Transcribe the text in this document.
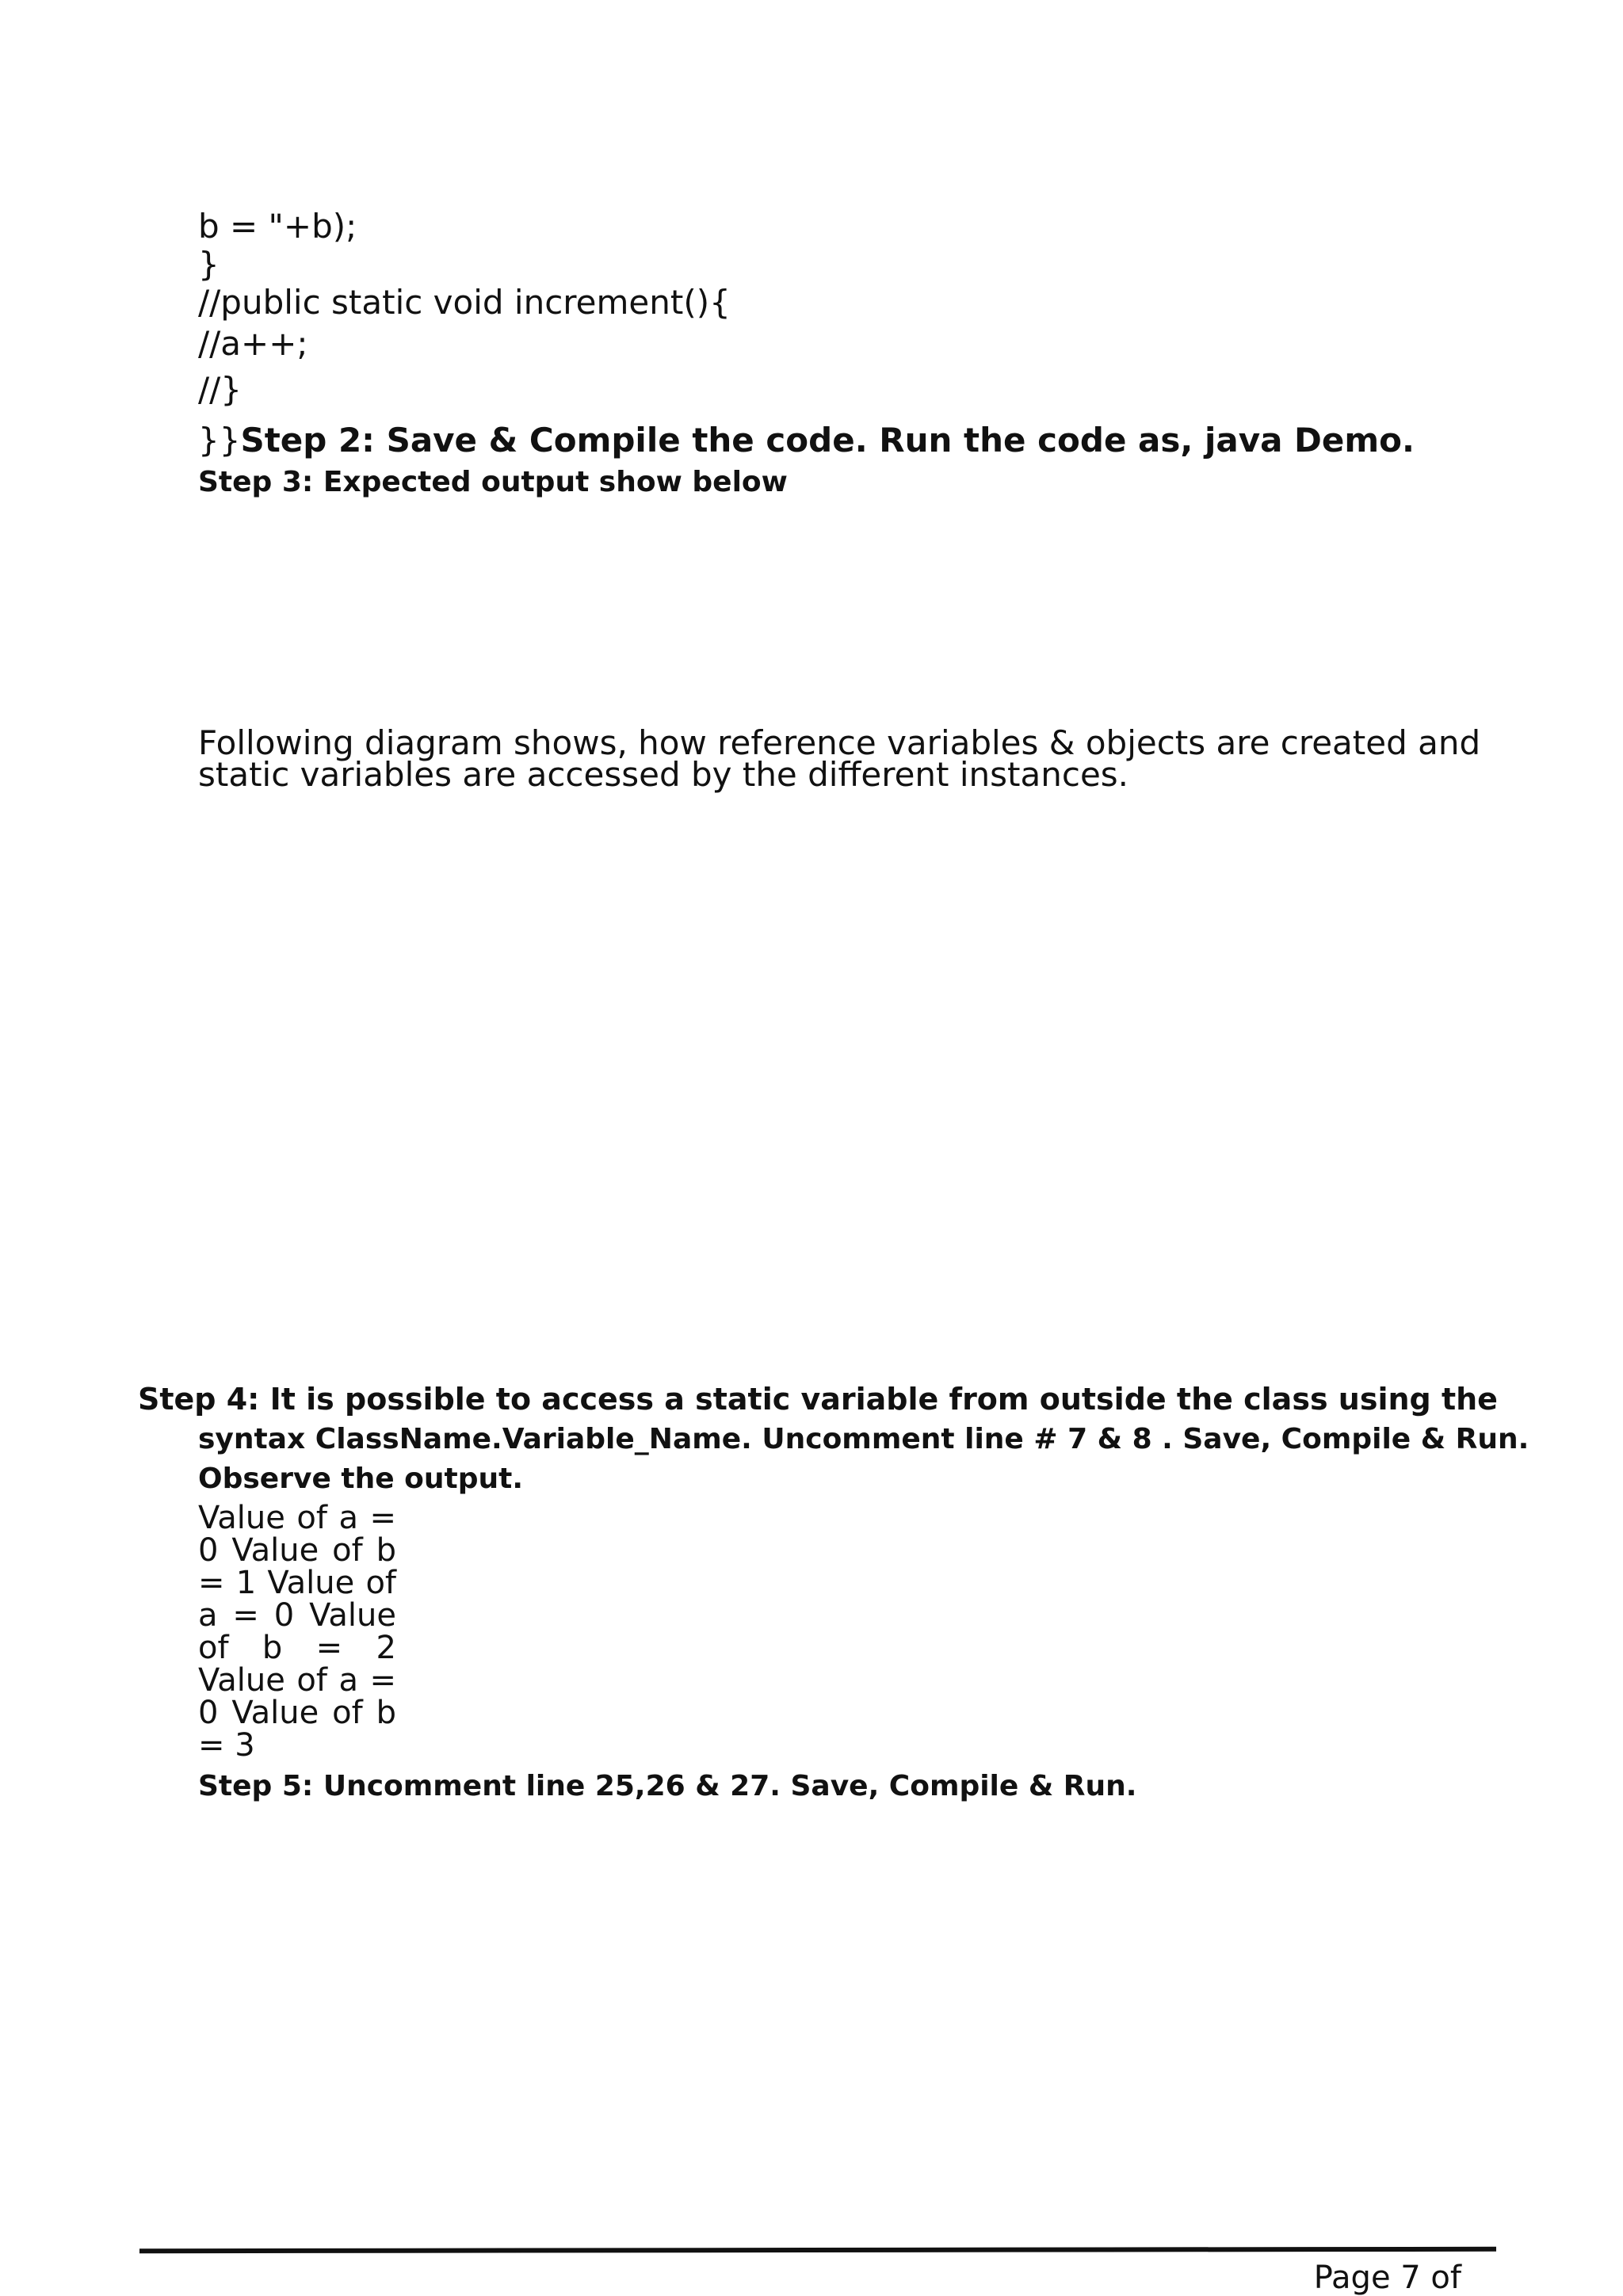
b = "+b);
}
//public static void increment(){
//a++;
//}
}}Step 2: Save & Compile the code. Run the code as, java Demo.
Step 3: Expected output show below
Following diagram shows, how reference variables & objects are created and static variables are accessed by the different instances.
Step 4: It is possible to access a static variable from outside the class using the
syntax ClassName.Variable_Name. Uncomment line # 7 & 8 . Save, Compile & Run.
Observe the output.
Value of a =
0 Value of b
= 1 Value of
a = 0 Value
of b = 2
Value of a =
0 Value of b
= 3
Step 5: Uncomment line 25,26 & 27. Save, Compile & Run.
Page 7 of
